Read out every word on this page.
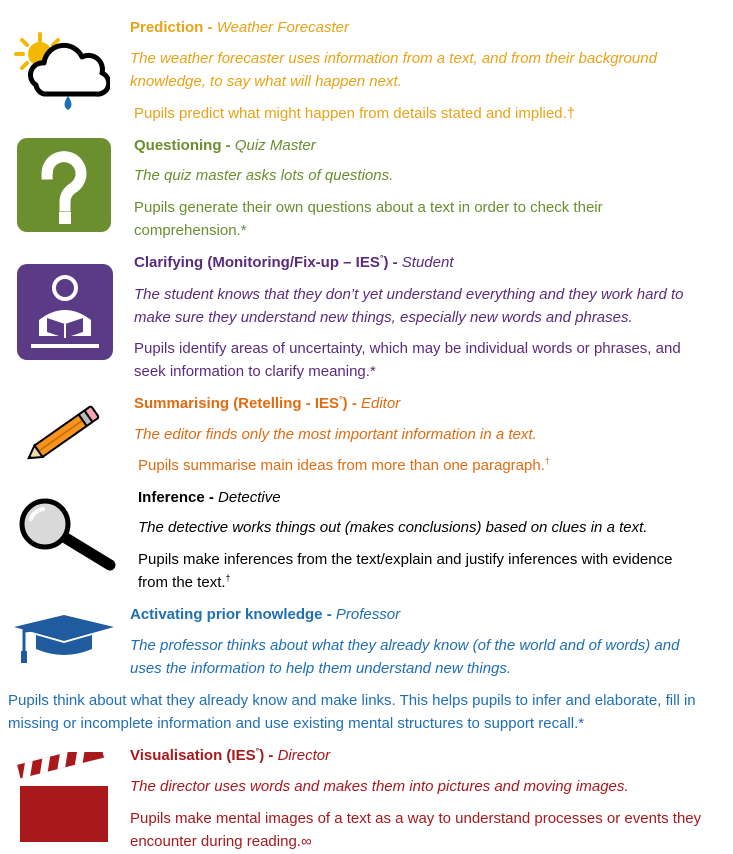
Prediction - Weather Forecaster
The weather forecaster uses information from a text, and from their background
knowledge, to say what will happen next.
Pupils predict what might happen from details stated and implied.†
Questioning - Quiz Master
The quiz master asks lots of questions.
Pupils generate their own questions about a text in order to check their
comprehension.*
Clarifying (Monitoring/Fix-up – IES°) - Student
The student knows that they don’t yet understand everything and they work hard to
make sure they understand new things, especially new words and phrases.
Pupils identify areas of uncertainty, which may be individual words or phrases, and
seek information to clarify meaning.*
Summarising (Retelling - IES°) - Editor
The editor finds only the most important information in a text.
Pupils summarise main ideas from more than one paragraph.†
Inference - Detective
The detective works things out (makes conclusions) based on clues in a text.
Pupils make inferences from the text/explain and justify inferences with evidence
from the text.†
Activating prior knowledge - Professor
The professor thinks about what they already know (of the world and of words) and
uses the information to help them understand new things.
Pupils think about what they already know and make links. This helps pupils to infer and elaborate, fill in
missing or incomplete information and use existing mental structures to support recall.*
Visualisation (IES°) - Director
The director uses words and makes them into pictures and moving images.
Pupils make mental images of a text as a way to understand processes or events they
encounter during reading.∞
